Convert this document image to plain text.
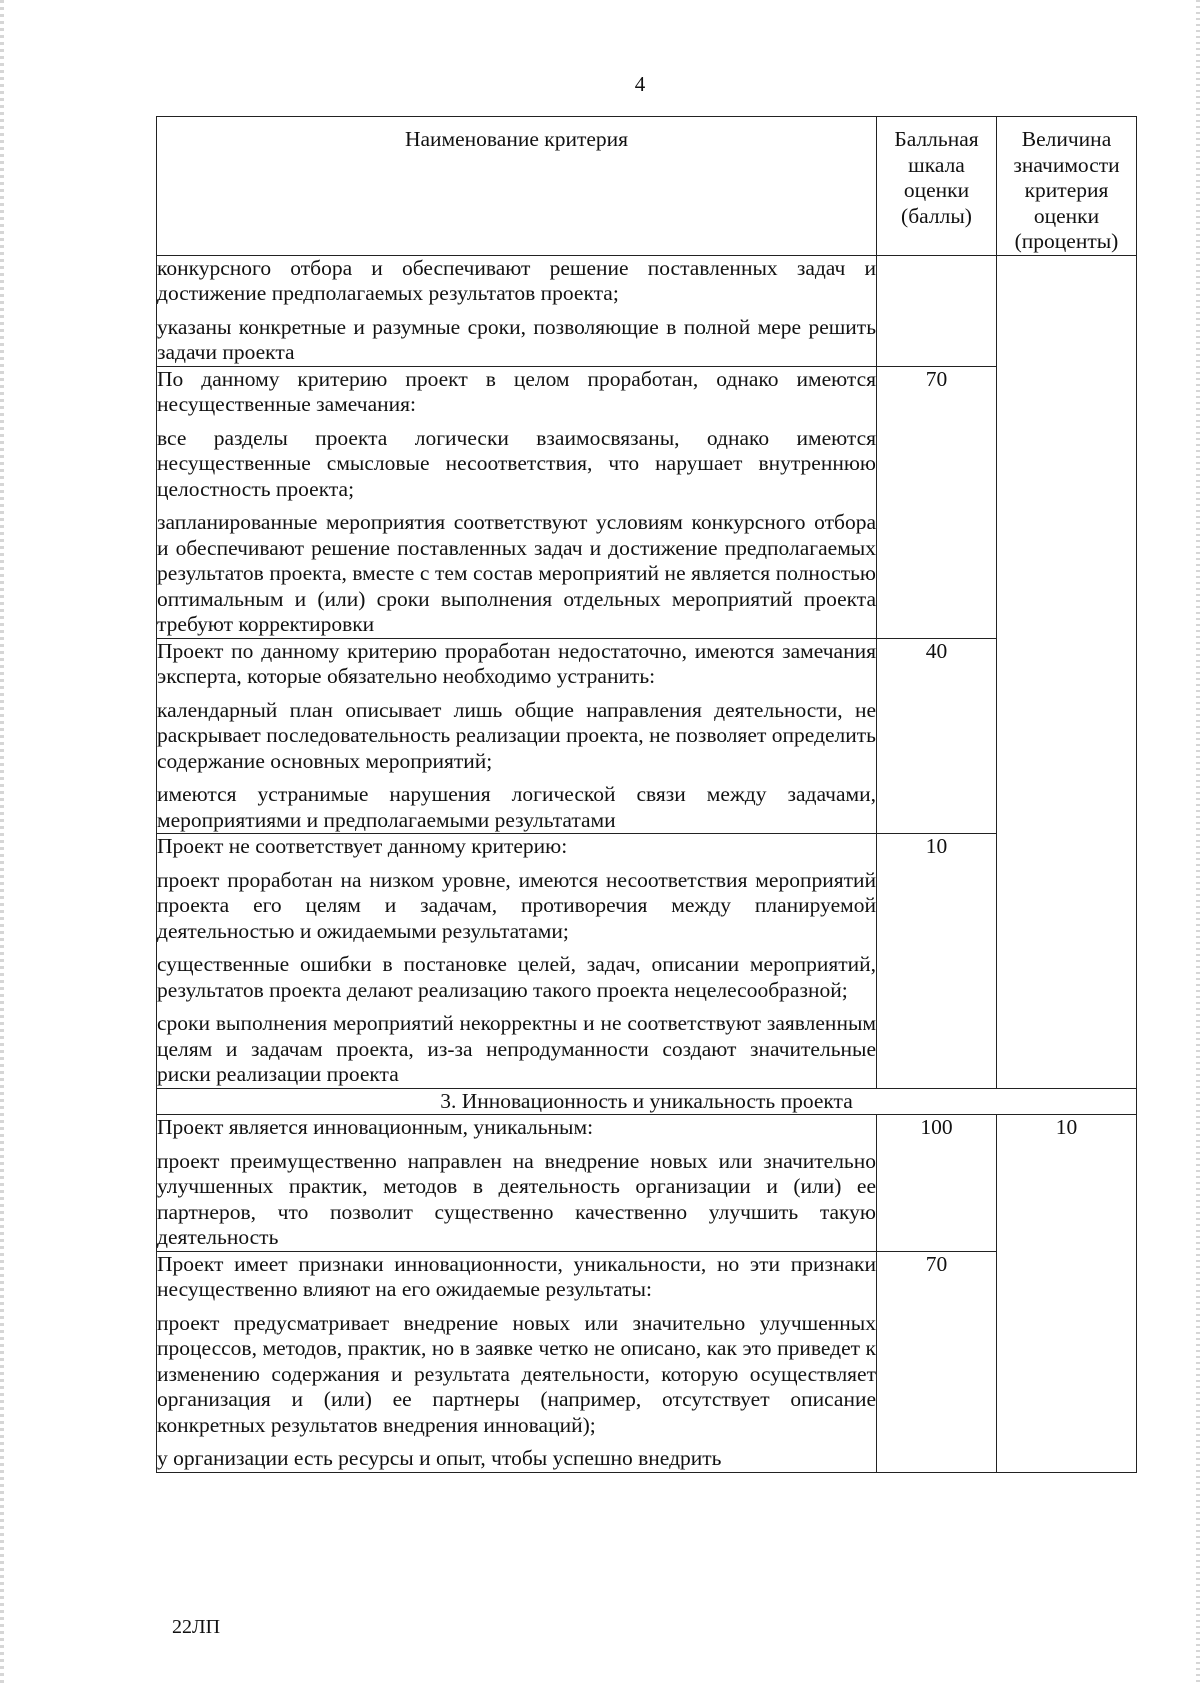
4
Наименование критерия	Балльная
шкала
оценки
(баллы)	Величина
значимости
критерия
оценки
(проценты)

конкурсного отбора и обеспечивают решение поставленных задач и достижение предполагаемых результатов проекта;

указаны конкретные и разумные сроки, позволяющие в полной мере решить задачи проекта		

По данному критерию проект в целом проработан, однако имеются несущественные замечания:

все разделы проекта логически взаимосвязаны, однако имеются несущественные смысловые несоответствия, что нарушает внутреннюю целостность проекта;

запланированные мероприятия соответствуют условиям конкурсного отбора и обеспечивают решение поставленных задач и достижение предполагаемых результатов проекта, вместе с тем состав мероприятий не является полностью оптимальным и (или) сроки выполнения отдельных мероприятий проекта требуют корректировки	70	

Проект по данному критерию проработан недостаточно, имеются замечания эксперта, которые обязательно необходимо устранить:

календарный план описывает лишь общие направления деятельности, не раскрывает последовательность реализации проекта, не позволяет определить содержание основных мероприятий;

имеются устранимые нарушения логической связи между задачами, мероприятиями и предполагаемыми результатами	40	

Проект не соответствует данному критерию:

проект проработан на низком уровне, имеются несоответствия мероприятий проекта его целям и задачам, противоречия между планируемой деятельностью и ожидаемыми результатами;

существенные ошибки в постановке целей, задач, описании мероприятий, результатов проекта делают реализацию такого проекта нецелесообразной;

сроки выполнения мероприятий некорректны и не соответствуют заявленным целям и задачам проекта, из-за непродуманности создают значительные риски реализации проекта	10	
3. Инновационность и уникальность проекта		

Проект является инновационным, уникальным:

проект преимущественно направлен на внедрение новых или значительно улучшенных практик, методов в деятельность организации и (или) ее партнеров, что позволит существенно качественно улучшить такую деятельность	100	10

Проект имеет признаки инновационности, уникальности, но эти признаки несущественно влияют на его ожидаемые результаты:

проект предусматривает внедрение новых или значительно улучшенных процессов, методов, практик, но в заявке четко не описано, как это приведет к изменению содержания и результата деятельности, которую осуществляет организация и (или) ее партнеры (например, отсутствует описание конкретных результатов внедрения инноваций);

у организации есть ресурсы и опыт, чтобы успешно внедрить	70	
22ЛП
